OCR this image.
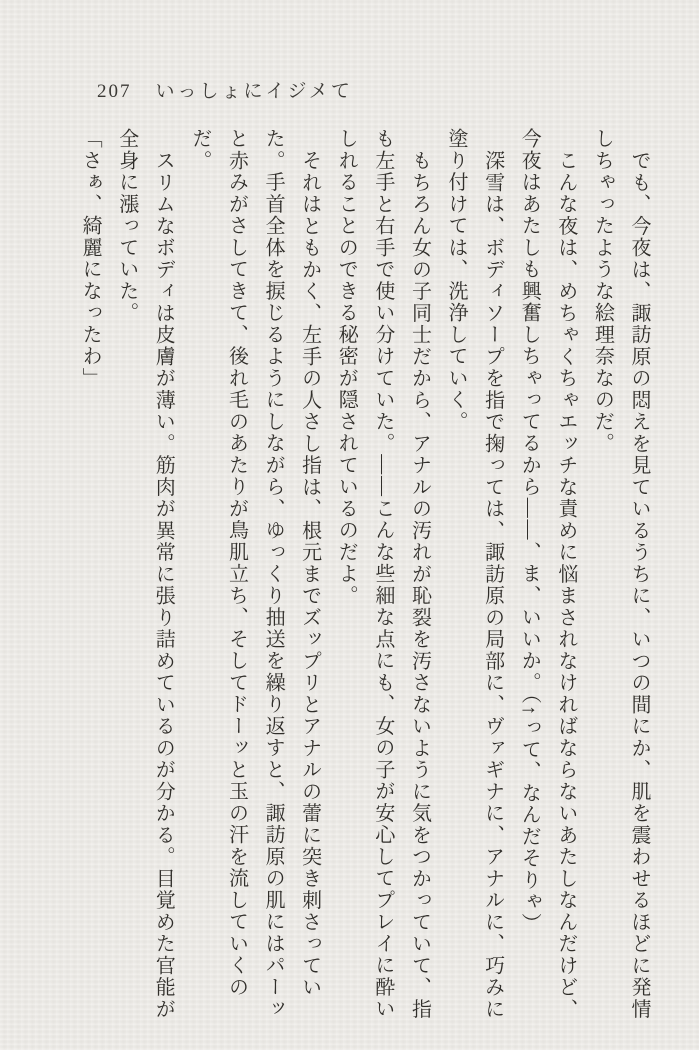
207 いっしょにイジメて

でも、今夜は、諏訪原の悶えを見ているうちに、いつの間にか、肌を震わせるほどに発情しちゃったような絵理奈なのだ。

こんな夜は、めちゃくちゃエッチな責めに悩まされなければならないあたしなんだけど、今夜はあたしも興奮しちゃってるから――、ま、いいか。（↑って、なんだそりゃ）

深雪は、ボディソープを指で掬っては、諏訪原の局部に、ヴァギナに、アナルに、巧みに塗り付けては、洗浄していく。

もちろん女の子同士だから、アナルの汚れが恥裂を汚さないように気をつかっていて、指も左手と右手で使い分けていた。――こんな些細な点にも、女の子が安心してプレイに酔いしれることのできる秘密が隠されているのだよ。

それはともかく、左手の人さし指は、根元までズップリとアナルの蕾に突き刺さっていた。手首全体を捩じるようにしながら、ゆっくり抽送を繰り返すと、諏訪原の肌にはパーッと赤みがさしてきて、後れ毛のあたりが鳥肌立ち、そしてドーッと玉の汗を流していくのだ。

スリムなボディは皮膚が薄い。筋肉が異常に張り詰めているのが分かる。目覚めた官能が全身に漲っていた。

「さぁ、綺麗になったわ」
